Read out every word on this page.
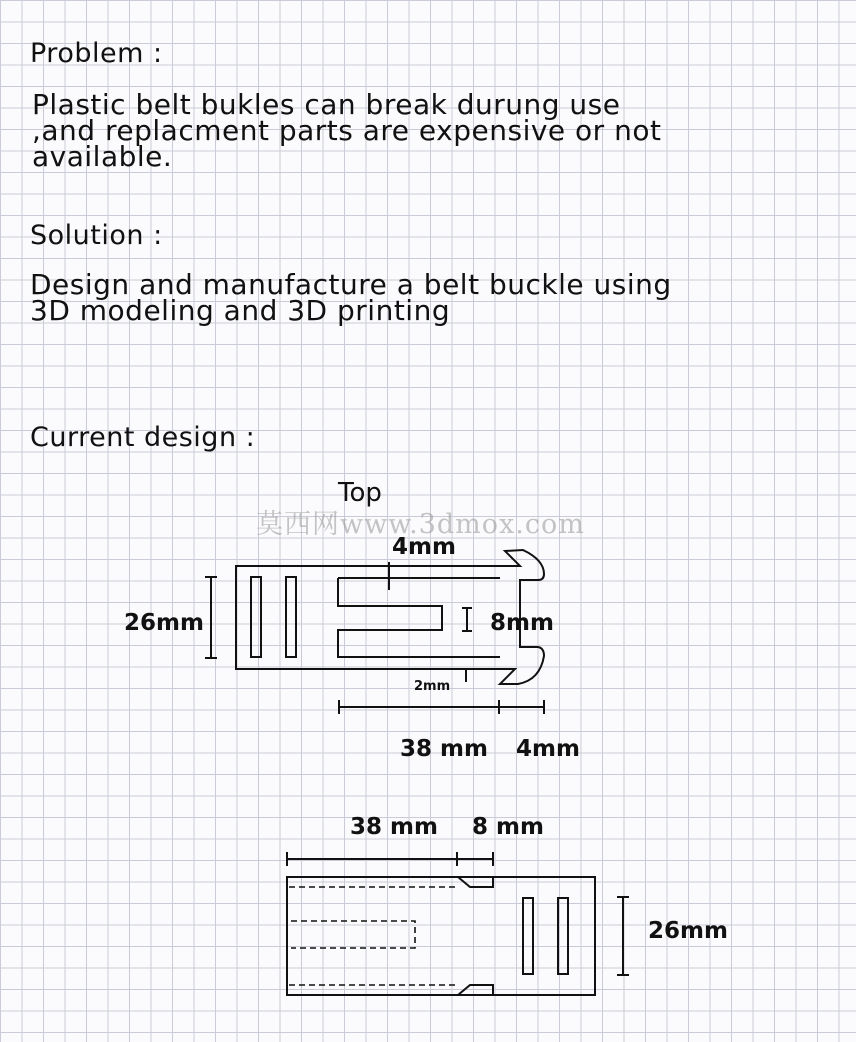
Problem :

Plastic belt bukles can break durung use
,and replacment parts are expensive or not
available.

Solution :

Design and manufacture a belt buckle using
3D modeling and 3D printing

Current design :

Top
4mm
26mm	8mm
2mm
38 mm 4mm
38 mm 8 mm
26mm
莫西网www.3dmox.com
